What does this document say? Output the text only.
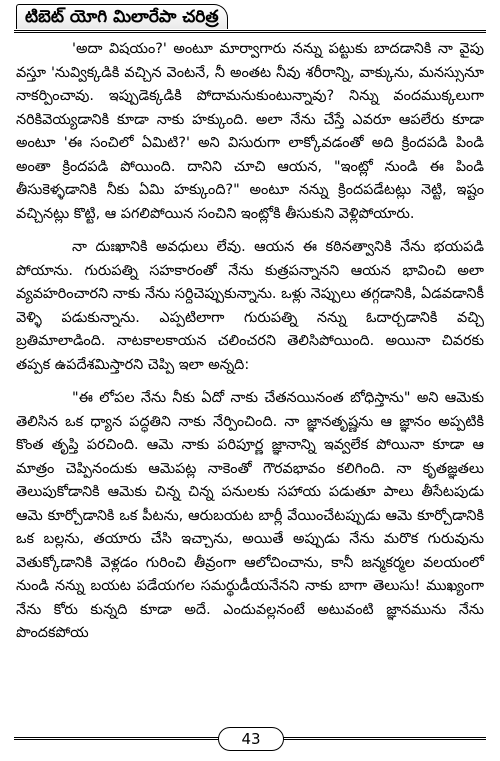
టిబెట్ యోగి మిలారేపా చరిత్ర

'అదా విషయం?' అంటూ మార్వాగారు నన్ను పట్టుకు బాదడానికి నా వైపు వస్తూ 'నువ్విక్కడికి వచ్చిన వెంటనే, నీ అంతట నీవు శరీరాన్ని, వాక్కును, మనస్సునూ నాకర్పించావు. ఇప్పుడెక్కడికి పోదామనుకుంటున్నావు? నిన్ను వందముక్కలుగా నరికివెయ్యడానికి కూడా నాకు హక్కుంది. అలా నేను చేస్తే ఎవరూ ఆపలేరు కూడా అంటూ 'ఈ సంచిలో ఏమిటి?' అని విసురుగా లాక్కోవడంతో అది క్రిందపడి పిండి అంతా క్రిందపడి పోయింది. దానిని చూచి ఆయన, "ఇంట్లో నుండి ఈ పిండి తీసుకెళ్ళడానికి నీకు ఏమి హక్కుంది?" అంటూ నన్ను క్రిందపడేటట్లు నెట్టి, ఇష్టం వచ్చినట్లు కొట్టి, ఆ పగలిపోయిన సంచిని ఇంట్లోకి తీసుకుని వెళ్లిపోయారు.

నా దుఃఖానికి అవధులు లేవు. ఆయన ఈ కఠినత్వానికి నేను భయపడి పోయాను. గురుపత్ని సహకారంతో నేను కుత్రపన్నానని ఆయన భావించి అలా వ్యవహరించారని నాకు నేను సర్దిచెప్పుకున్నాను. ఒళ్లు నెప్పులు తగ్గడానికి, ఏడవడానికీ వెళ్ళి పడుకున్నాను. ఎప్పటిలాగా గురుపత్ని నన్ను ఓదార్చడానికి వచ్చి బ్రతిమాలాడింది. నాటకాలకాయన చలించరని తెలిసిపోయింది. అయినా చివరకు తప్పక ఉపదేశమిస్తారని చెప్పి ఇలా అన్నది:

"ఈ లోపల నేను నీకు ఏదో నాకు చేతనయినంత బోధిస్తాను" అని ఆమెకు తెలిసిన ఒక ధ్యాన పద్ధతిని నాకు నేర్పించింది. నా జ్ఞానతృష్ణను ఆ జ్ఞానం అప్పటికి కొంత తృప్తి పరచింది. ఆమె నాకు పరిపూర్ణ జ్ఞానాన్ని ఇవ్వలేక పోయినా కూడా ఆ మాత్రం చెప్పినందుకు ఆమెపట్ల నాకెంతో గౌరవభావం కలిగింది. నా కృతజ్ఞతలు తెలుపుకోడానికి ఆమెకు చిన్న చిన్న పనులకు సహాయ పడుతూ పాలు తీసేటపుడు ఆమె కూర్చోడానికి ఒక పీటను, ఆరుబయట బార్లీ వేయించేటప్పుడు ఆమె కూర్చోడానికి ఒక బల్లను, తయారు చేసి ఇచ్చాను, అయితే అప్పుడు నేను మరొక గురువును వెతుక్కోడానికి వెళ్లడం గురించి తీవ్రంగా ఆలోచించాను, కానీ జన్మకర్మల వలయంలో నుండి నన్ను బయట పడేయగల సమర్థుడీయనేనని నాకు బాగా తెలుసు! ముఖ్యంగా నేను కోరు కున్నది కూడా అదే. ఎందువల్లనంటే అటువంటి జ్ఞానమును నేను పొందకపోయ

43
